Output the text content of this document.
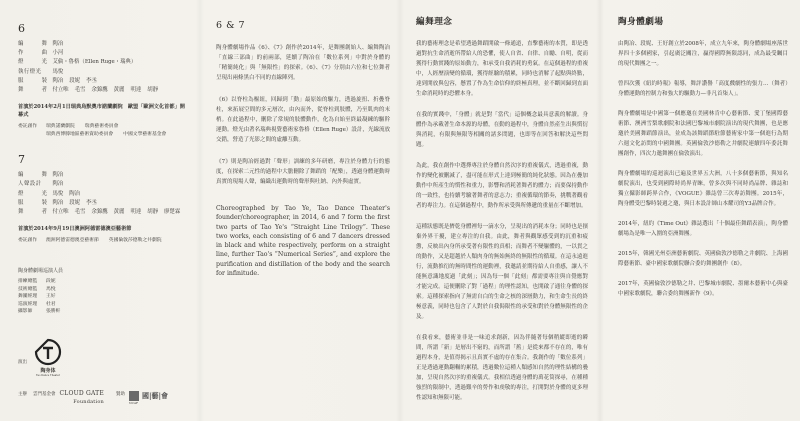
6
編	舞 陶冶
作	曲 小河
燈	光 艾倫・魯格（Ellen Ruge・瑞典）
執行燈光 馬悅
服	裝 陶冶 段妮 李丞
舞	者 付立唯 毛雪 余錦鷹 黃麗 明達 胡靜
首演於2014年2月1日瑞典烏默奧市諾蘭劇院　歐盟「歐洲文化首都」開幕式
委託創作	瑞典諾蘭劇院 瑞典藝術委員會
瑞典西博滕地區藝術資助委員會 中國文學藝術基金會
7
編	舞 陶冶
人聲設計 陶冶
燈	光 馬悅 陶冶
服	裝 陶冶 段妮 李丞
舞	者 付立唯 毛雪 余錦鷹 黃麗 明達 胡靜 廖楚霖
首演於2014年9月19日澳洲阿德雷德澳亞藝術節
委託創作	澳洲阿德雷德澳亞藝術節 英國倫敦莎德勒之井劇院
陶身體劇場巡演人員
排練總監	段妮
技術總監	馬悅
舞團經理	王好
巡演經理	杜君
攝影師	張勝軒
演出
陶身体
Tao Dance Theater
主辦 雲門基金會 CLOUD GATE
Foundation
贊助 國|藝|會
NCAF
6 & 7

陶身體劇場作品《6》、《7》創作於2014年，是舞團創始人、編舞陶冶「直線三部曲」的前兩部，延續了陶冶在「數位系列」中對於身體的「精簡純化」與「無限性」的探索。《6》、《7》分別由六位和七位舞者呈現出兩條黑白不同的直線陣列。

《6》以脊柱為樞紐，回歸到「動」最原始的驅力，透過旋扭、折疊脊柱，來拓展空間的多元層次，由內而外，從脊柱到肢體，乃至肌肉的末梢。在此過程中，刪除了常規的肢體動作，化為自始至終最凝練的驅幹運動。燈光由著名瑞典視覺藝術家魯格（Ellen Ruge）設計，光線流放交錯，營造了光影之間的虛離互動。

《7》則是陶冶經過對「聲形」訓練的多年研磨，專注於身體力行的態度，在探索二元性的過程中大膽刪除了舞蹈的「配樂」，透過身體運動時真實的現場人聲，編織出運動時的聲形與吐納、內外與虛實。

Choreographed by Tao Ye, Tao Dance Theater's founder/choreographer, in 2014, 6 and 7 form the first two parts of Tao Ye's “Straight Line Trilogy”. These two works, each consisting of 6 and 7 dancers dressed in black and white respectively, perform on a straight line, further Tao's “Numerical Series”, and explore the purification and distillation of the body and the search for infinitude.

編舞理念

我的藝術理念是希望透過舞蹈開啟一條通道，直擊藝術的本質，即是透過對抗生命消逝所帶給人的恐懼，使人自省、自律、自勵、自明，從而獲得行動實踐的原始動力，和承受自我消耗的勇氣。在這個過程的重複中，人經歷演變的循環，獲得經驗的積累，同時也消解了起點與終點，達到開放與包容，懸置了作為生命信仰的終極真理，並不斷回歸到直面生命消耗時的恐懼本身。

在我的實踐中，「身體」就是對「當代」這個概念最具意義的解讀。身體作為承載著生命本源的母體，在動的過程中，身體自然產生出與慣衍與消耗，有限與無限等相關的諸多問題，也即等在回答和解決這些問題。

為此，我在創作中選擇專注於身體自然次序的重複儀式，透過重複，動作的變化被刪減了，盡可能在形式上達到極簡的純化狀態。因為在疊加動作中所產生的慣性和重力，影響和消耗著舞者的體力；而要保持動作的一致性，也持續考驗著舞者的意志力；重複循環的節奏，挑戰著觀看者的專注力。在這個過程中，動作所承受與所傳遞的重量在不斷增加。

這種狀態既是擠乾身體裡每一滴水分，呈現出的消耗本身；同時也是擯棄外界干擾，建立專注的自我。由此，舞者與觀眾感受到的沉重和疲憊，反映出內身所承受著有限性的真相；而舞者不變軀體的，一以貫之的動作，又是超越於人類肉身的無始無終的無限性的循環。在這永遠進行，流動推衍的無時間性的運動裡，我邀請並期待給人自重感，讓人不能無意識地度過「此刻」；因為每一個「此刻」都需要專注與自覺應對才能完成。這便刪除了對「過程」的理性認知，也開啟了通往身體的探索。這種探索指向了無需自白的生命之核的深層動力，和生命生長的終極意義，同時也包含了人對於自我侷限性的承受和對於身體無限性的企及。

在我看來，藝術並非是一味追求創新，因為伴隨著每個稍縱即逝的瞬間，所謂「新」是層出不窮的，而所謂「舊」是從來都不存在的，唯有過程本身，是值得揭示且真實不虛的存在集合。我創作的「數位系列」正是透過運動翻輾的累積，透過數位這種人類感知自然的理性結構的疊加，呈現自然次序的重複儀式。我相信透過身體的萬花筒探尋，在種種強烈的限制中，透過艱辛的勞作和虔敬的專注，打開對於身體的更多理性認知和無限可能。

陶身體劇場

由陶冶、段妮、王好創立於2008年，成立九年來，陶身體劇場座落世界四十多個國家，引起廣泛關注，贏得國際無限認同，成為最受矚目的現代舞團之一。

曾四次獲《紐約時報》報導，舞評讚譽「高度戲劇性的張力…（舞者）身體運動的控制力和強大的驅動力—非凡首柒人」。

陶身體劇場是中國第一個應邀在美國林肯中心藝術節、愛丁堡國際藝術節、澳洲雪梨歌劇院和法國巴黎城市劇院演出的現代舞團，也是應邀於美國舞蹈節演出，並成為該舞蹈節駐節藝術家中第一個進行為期六週文化訪問的中國舞團。英國倫敦沙德勒之井劇院連續四年委託舞團創作，四次力邀舞團在倫敦演出。

陶身體劇場的巡迴演出已遍及世界五大洲，八十多個藝術節，與知名劇院演出，也受到國際時尚界青睞，曾多次與不同時尚品牌、雜誌和獨立攝影師跨界合作，《VOGUE》雜誌曾三次專訪舞團。2015年，陶身體受巴黎時裝週之邀，與日本設計師山本耀司的Y3品牌合作。

2014年，紐約《Time Out》雜誌選出「十個最佳舞蹈表演」，陶身體劇場為是唯一入圍的亞洲舞團。

2015年，韓國光州亞洲藝術劇院、英國倫敦沙德勒之井劇院、上海國際藝術節、臺中國家歌劇院聯合委約舞團創作《8》。

2017年，英國倫敦沙德勒之井、巴黎城市劇院、墨爾本藝術中心與臺中國家歌劇院，聯合委約舞團新作《9》。
